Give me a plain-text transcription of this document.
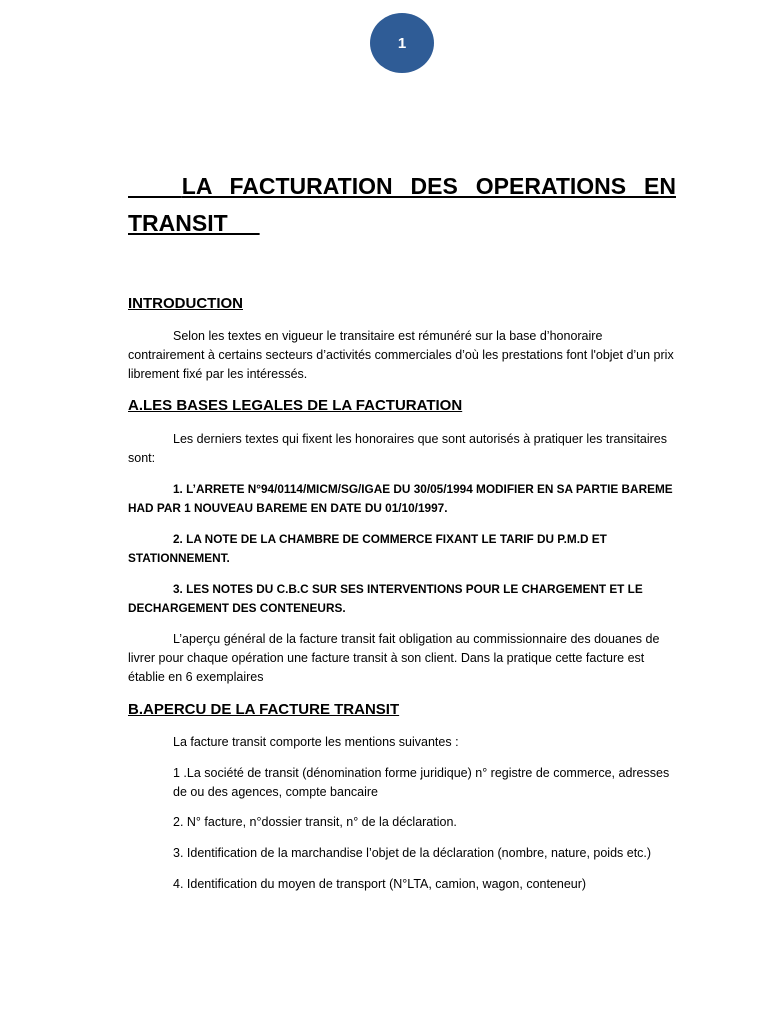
1

LA FACTURATION DES OPERATIONS EN

TRANSIT

INTRODUCTION

Selon les textes en vigueur le transitaire est rémunéré sur la base d’honoraire contrairement à certains secteurs d’activités commerciales d’où les prestations font l'objet d’un prix librement fixé par les intéressés.

A.LES BASES LEGALES DE LA FACTURATION

Les derniers textes qui fixent les honoraires que sont autorisés à pratiquer les transitaires sont:

1. L’ARRETE N°94/0114/MICM/SG/IGAE DU 30/05/1994 MODIFIER EN SA PARTIE BAREME HAD PAR 1 NOUVEAU BAREME EN DATE DU 01/10/1997.

2. LA NOTE DE LA CHAMBRE DE COMMERCE FIXANT LE TARIF DU P.M.D ET STATIONNEMENT.

3. LES NOTES DU C.B.C SUR SES INTERVENTIONS POUR LE CHARGEMENT ET LE DECHARGEMENT DES CONTENEURS.

L’aperçu général de la facture transit fait obligation au commissionnaire des douanes de livrer pour chaque opération une facture transit à son client. Dans la pratique cette facture est établie en 6 exemplaires

B.APERCU DE LA FACTURE TRANSIT

La facture transit comporte les mentions suivantes :

1 .La société de transit (dénomination forme juridique) n° registre de commerce, adresses de ou des agences, compte bancaire

2. N° facture, n°dossier transit, n° de la déclaration.

3. Identification de la marchandise l’objet de la déclaration (nombre, nature, poids etc.)

4. Identification du moyen de transport (N°LTA, camion, wagon, conteneur)
